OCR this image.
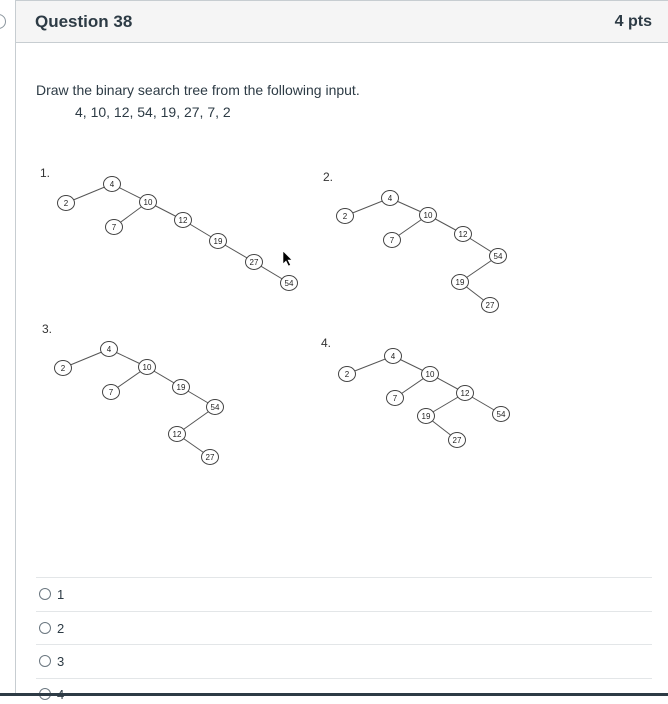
Question 38	4 pts
Draw the binary search tree from the following input.
4, 10, 12, 54, 19, 27, 7, 2
1.
4
2	10
7
12
19
27
54
2.
4
2	10
7
12
54
19
27
3.
4
2	10
7
19
54
12
27
4.
4
2	10
7
12
54
19
27
1
2
3
